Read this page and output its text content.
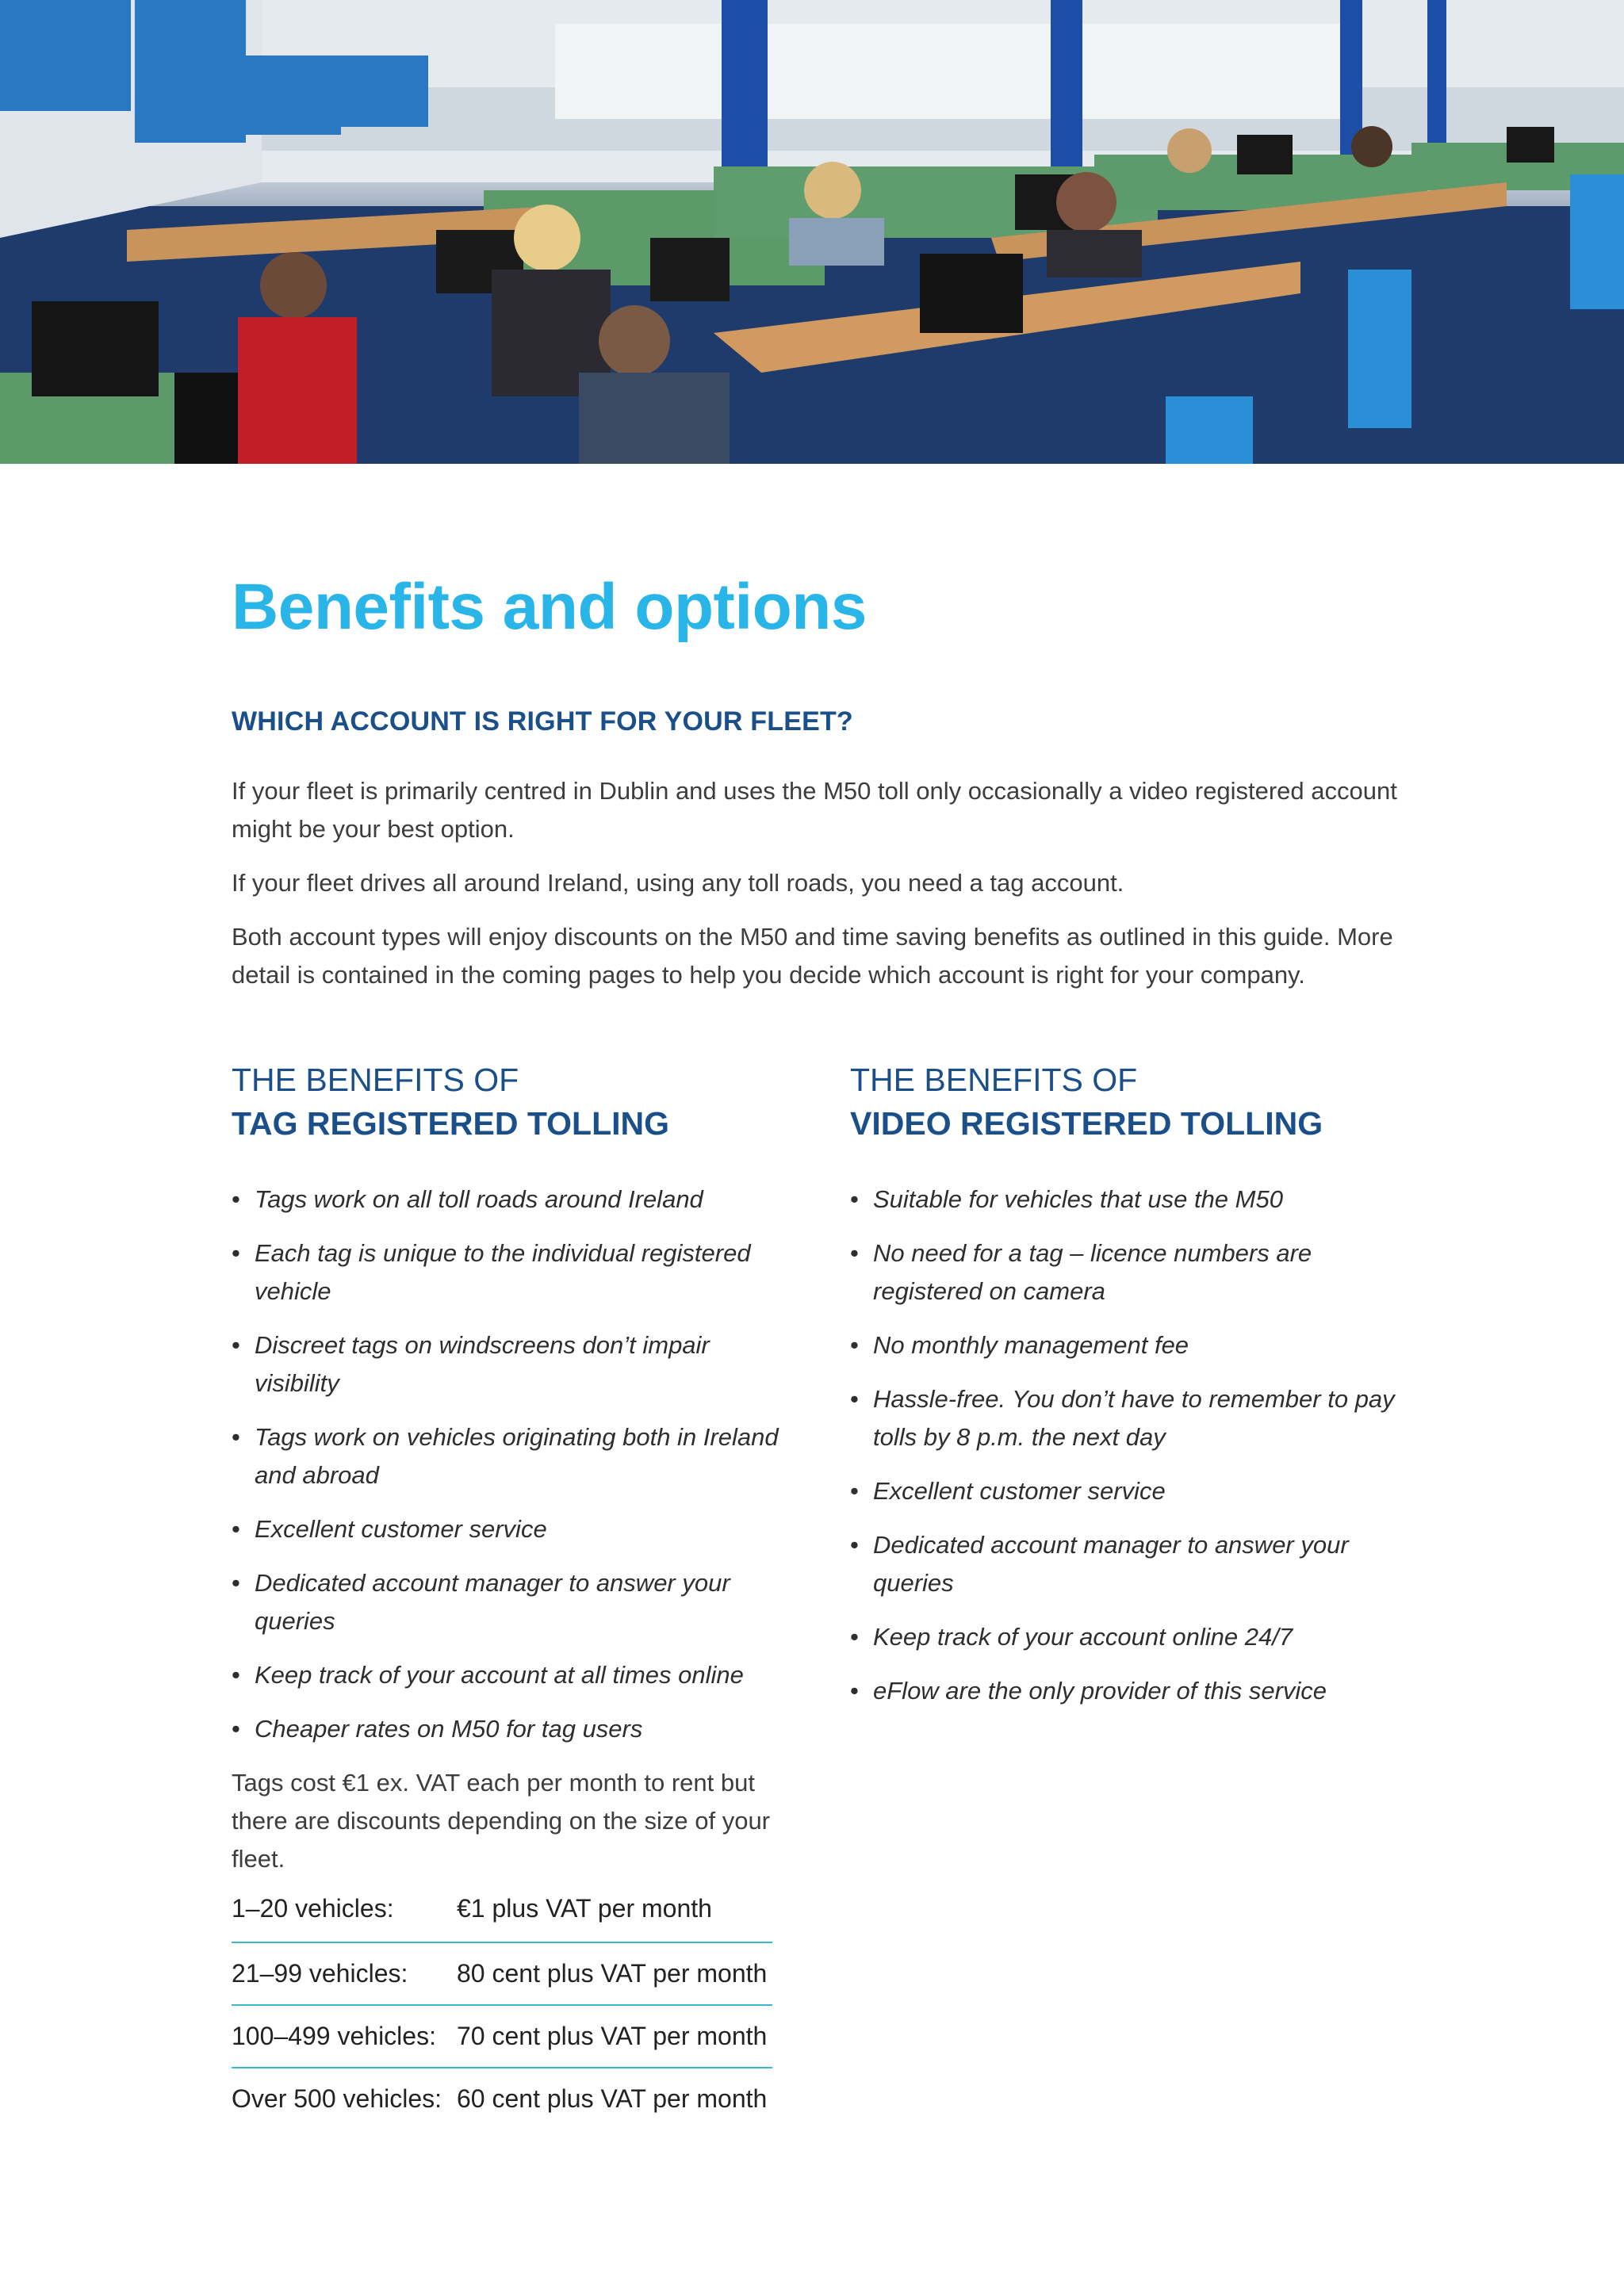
Benefits and options
WHICH ACCOUNT IS RIGHT FOR YOUR FLEET?

If your fleet is primarily centred in Dublin and uses the M50 toll only occasionally a video registered account might be your best option.

If your fleet drives all around Ireland, using any toll roads, you need a tag account.

Both account types will enjoy discounts on the M50 and time saving benefits as outlined in this guide. More detail is contained in the coming pages to help you decide which account is right for your company.

THE BENEFITS OF
TAG REGISTERED TOLLING
• Tags work on all toll roads around Ireland
• Each tag is unique to the individual registered vehicle
• Discreet tags on windscreens don’t impair visibility
• Tags work on vehicles originating both in Ireland and abroad
• Excellent customer service
• Dedicated account manager to answer your queries
• Keep track of your account at all times online
• Cheaper rates on M50 for tag users

Tags cost €1 ex. VAT each per month to rent but there are discounts depending on the size of your fleet.

1–20 vehicles:	€1 plus VAT per month
21–99 vehicles:	80 cent plus VAT per month
100–499 vehicles: 70 cent plus VAT per month
Over 500 vehicles: 60 cent plus VAT per month
THE BENEFITS OF
VIDEO REGISTERED TOLLING
• Suitable for vehicles that use the M50
• No need for a tag – licence numbers are registered on camera
• No monthly management fee
• Hassle-free. You don’t have to remember to pay tolls by 8 p.m. the next day
• Excellent customer service
• Dedicated account manager to answer your queries
• Keep track of your account online 24/7
• eFlow are the only provider of this service
